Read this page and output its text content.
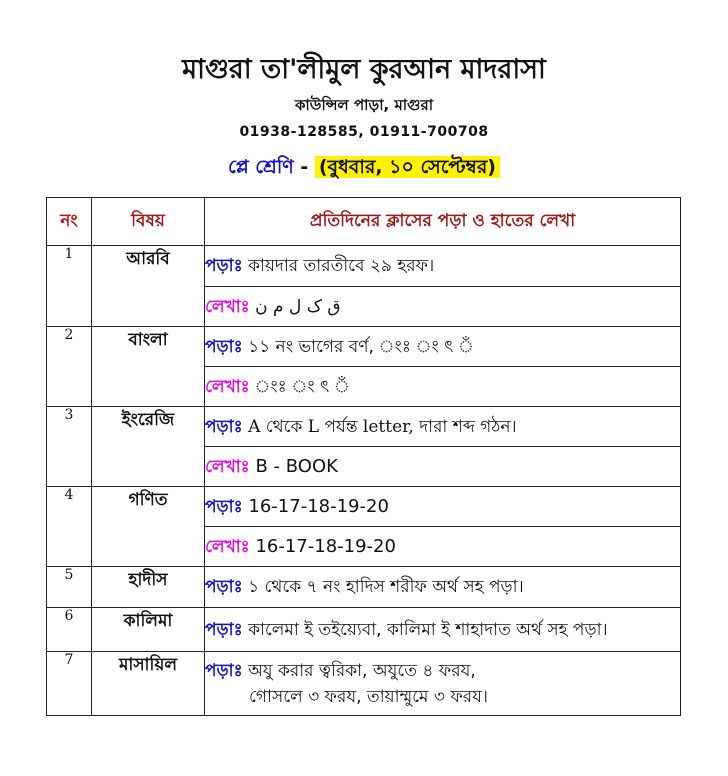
মাগুরা তা'লীমুল কুরআন মাদরাসা
কাউন্সিল পাড়া, মাগুরা
01938-128585, 01911-700708
প্লে শ্রেণি - (বুধবার, ১০ সেপ্টেম্বর)
নং	বিষয়	প্রতিদিনের ক্লাসের পড়া ও হাতের লেখা
1	আরবি	পড়াঃ কায়দার তারতীবে ২৯ হরফ।
		লেখাঃ ق ک ل م ن
2	বাংলা	পড়াঃ ১১ নং ভাগের বর্ণ, ংঃ ং ৎ ঁ
		লেখাঃ ংঃ ং ৎ ঁ
3	ইংরেজি	পড়াঃ A থেকে L পর্যন্ত letter, দারা শব্দ গঠন।
		লেখাঃ B - BOOK
4	গণিত	পড়াঃ 16-17-18-19-20
		লেখাঃ 16-17-18-19-20
5	হাদীস	পড়াঃ ১ থেকে ৭ নং হাদিস শরীফ অর্থ সহ পড়া।
6	কালিমা	পড়াঃ কালেমা ই তইয়্যেবা, কালিমা ই শাহাদাত অর্থ সহ পড়া।
7	মাসায়িল	পড়াঃ অযু করার ত্বরিকা, অযুতে ৪ ফরয,
গোসলে ৩ ফরয, তায়াম্মুমে ৩ ফরয।
